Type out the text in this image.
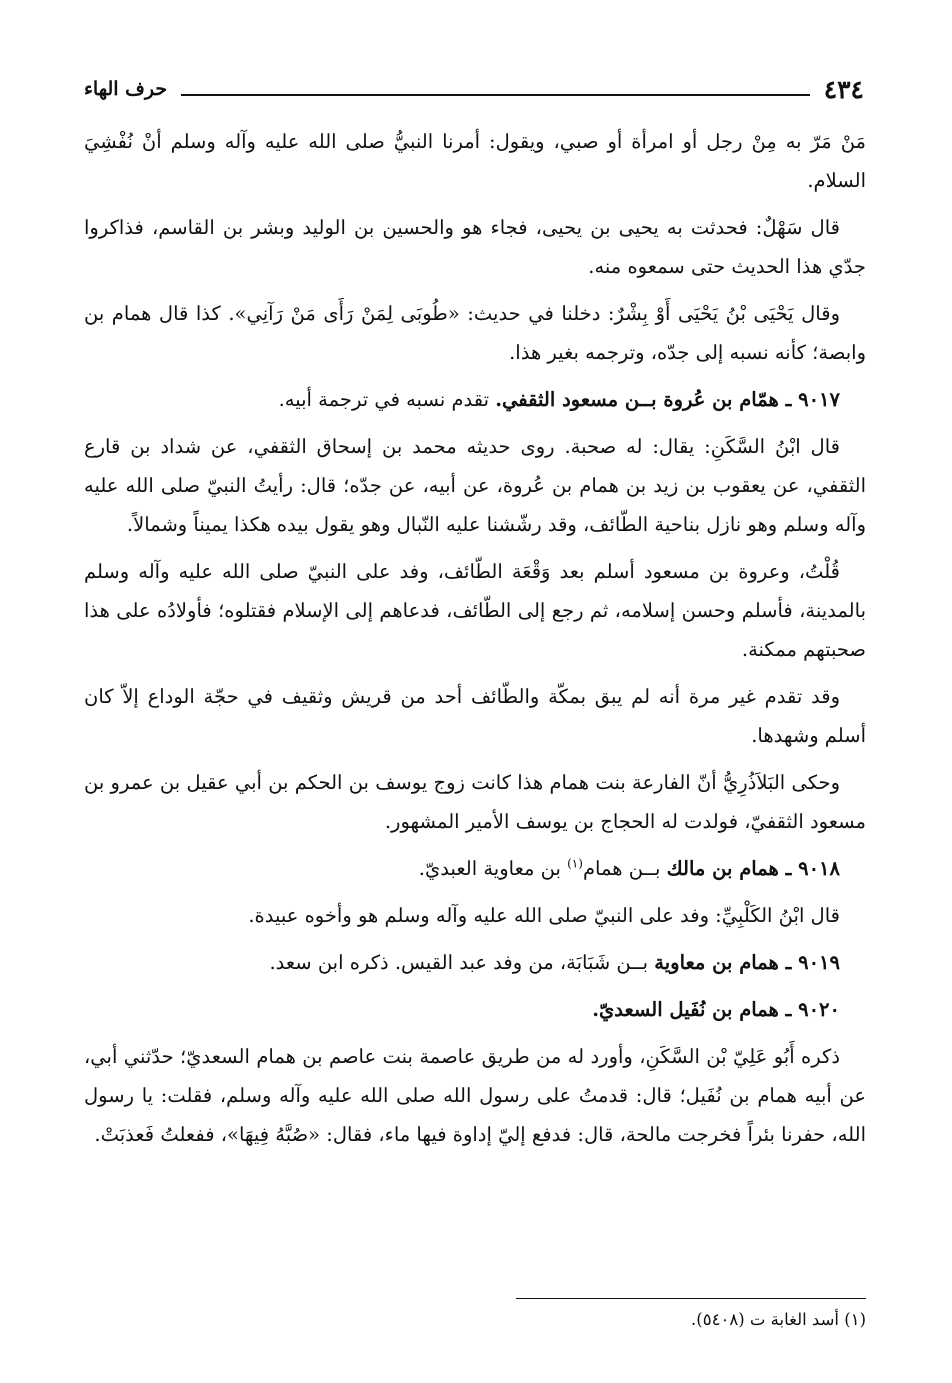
٤٣٤
حرف الهاء

مَنْ مَرّ به مِنْ رجل أو امرأة أو صبي، ويقول: أمرنا النبيُّ صلى الله عليه وآله وسلم أنْ نُفْشِيَ السلام.

قال سَهْلٌ: فحدثت به يحيى بن يحيى، فجاء هو والحسين بن الوليد وبشر بن القاسم، فذاكروا جدّي هذا الحديث حتى سمعوه منه.

وقال يَحْيَى بْنُ يَحْيَى أَوْ بِشْرٌ: دخلنا في حديث: «طُوبَى لِمَنْ رَأَى مَنْ رَآنِي». كذا قال همام بن وابصة؛ كأنه نسبه إلى جدّه، وترجمه بغير هذا.

٩٠١٧ ـ همّام بن عُروة بــن مسعود الثقفي. تقدم نسبه في ترجمة أبيه.

قال ابْنُ السَّكَنِ: يقال: له صحبة. روى حديثه محمد بن إسحاق الثقفي، عن شداد بن قارع الثقفي، عن يعقوب بن زيد بن همام بن عُروة، عن أبيه، عن جدّه؛ قال: رأيتُ النبيّ صلى الله عليه وآله وسلم وهو نازل بناحية الطّائف، وقد رشّشنا عليه النّبال وهو يقول بيده هكذا يميناً وشمالاً.

قُلْتُ، وعروة بن مسعود أسلم بعد وَقْعَة الطّائف، وفد على النبيّ صلى الله عليه وآله وسلم بالمدينة، فأسلم وحسن إسلامه، ثم رجع إلى الطّائف، فدعاهم إلى الإسلام فقتلوه؛ فأولادُه على هذا صحبتهم ممكنة.

وقد تقدم غير مرة أنه لم يبق بمكّة والطّائف أحد من قريش وثقيف في حجّة الوداع إلاّ كان أسلم وشهدها.

وحكى البَلاَذُرِيُّ أنّ الفارعة بنت همام هذا كانت زوج يوسف بن الحكم بن أبي عقيل بن عمرو بن مسعود الثقفيّ، فولدت له الحجاج بن يوسف الأمير المشهور.

٩٠١٨ ـ همام بن مالك بــن همام$^{(١)}$ بن معاوية العبديّ.

قال ابْنُ الكَلْبِيِّ: وفد على النبيّ صلى الله عليه وآله وسلم هو وأخوه عبيدة.

٩٠١٩ ـ همام بن معاوية بــن شَبَابَة، من وفد عبد القيس. ذكره ابن سعد.

٩٠٢٠ ـ همام بن نُفَيل السعديّ.

ذكره أَبُو عَلِيّ بْن السَّكَنِ، وأورد له من طريق عاصمة بنت عاصم بن همام السعديّ؛ حدّثني أبي، عن أبيه همام بن نُفَيل؛ قال: قدمتُ على رسول الله صلى الله عليه وآله وسلم، فقلت: يا رسول الله، حفرنا بئراً فخرجت مالحة، قال: فدفع إليّ إداوة فيها ماء، فقال: «صُبَّهُ فِيهَا»، ففعلتُ فَعذبَتْ.

(١) أسد الغابة ت (٥٤٠٨).
